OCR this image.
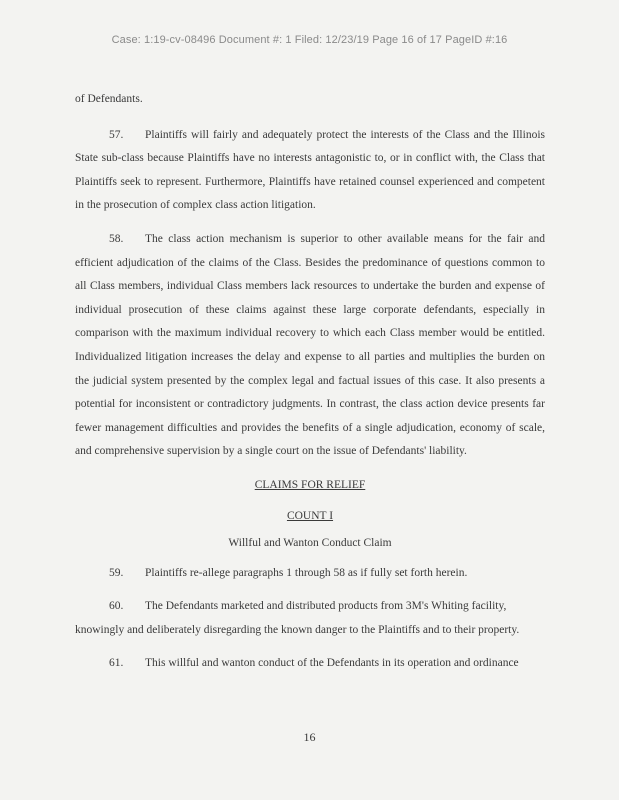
Case: 1:19-cv-08496 Document #: 1 Filed: 12/23/19 Page 16 of 17 PageID #:16

of Defendants.

57. Plaintiffs will fairly and adequately protect the interests of the Class and the Illinois State sub-class because Plaintiffs have no interests antagonistic to, or in conflict with, the Class that Plaintiffs seek to represent. Furthermore, Plaintiffs have retained counsel experienced and competent in the prosecution of complex class action litigation.

58. The class action mechanism is superior to other available means for the fair and efficient adjudication of the claims of the Class. Besides the predominance of questions common to all Class members, individual Class members lack resources to undertake the burden and expense of individual prosecution of these claims against these large corporate defendants, especially in comparison with the maximum individual recovery to which each Class member would be entitled. Individualized litigation increases the delay and expense to all parties and multiplies the burden on the judicial system presented by the complex legal and factual issues of this case. It also presents a potential for inconsistent or contradictory judgments. In contrast, the class action device presents far fewer management difficulties and provides the benefits of a single adjudication, economy of scale, and comprehensive supervision by a single court on the issue of Defendants' liability.

CLAIMS FOR RELIEF

COUNT I

Willful and Wanton Conduct Claim

59. Plaintiffs re-allege paragraphs 1 through 58 as if fully set forth herein.

60. The Defendants marketed and distributed products from 3M's Whiting facility, knowingly and deliberately disregarding the known danger to the Plaintiffs and to their property.

61. This willful and wanton conduct of the Defendants in its operation and ordinance

16
